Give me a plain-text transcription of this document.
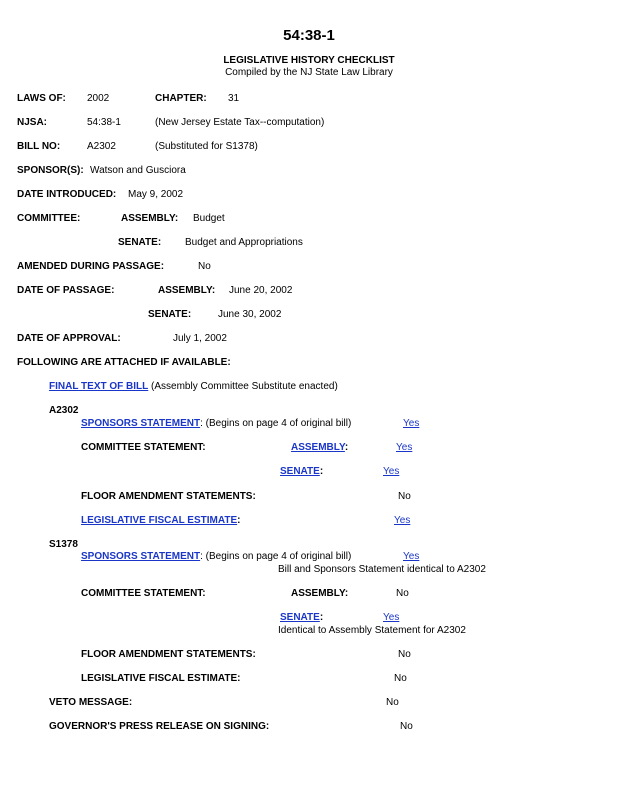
54:38-1
LEGISLATIVE HISTORY CHECKLIST
Compiled by the NJ State Law Library
LAWS OF: 2002	CHAPTER: 31
NJSA:	54:38-1	(New Jersey Estate Tax--computation)
BILL NO:	A2302	(Substituted for S1378)
SPONSOR(S): Watson and Gusciora
DATE INTRODUCED: May 9, 2002
COMMITTEE:	ASSEMBLY: Budget
SENATE: Budget and Appropriations
AMENDED DURING PASSAGE:	No
DATE OF PASSAGE:	ASSEMBLY: June 20, 2002
SENATE:	June 30, 2002
DATE OF APPROVAL:	July 1, 2002
FOLLOWING ARE ATTACHED IF AVAILABLE:
FINAL TEXT OF BILL (Assembly Committee Substitute enacted)
A2302
SPONSORS STATEMENT: (Begins on page 4 of original bill)	Yes
COMMITTEE STATEMENT:	ASSEMBLY:	Yes
SENATE:	Yes
FLOOR AMENDMENT STATEMENTS:	No
LEGISLATIVE FISCAL ESTIMATE:	Yes
S1378
SPONSORS STATEMENT: (Begins on page 4 of original bill)	Yes
Bill and Sponsors Statement identical to A2302
COMMITTEE STATEMENT:	ASSEMBLY:	No
SENATE:	Yes
Identical to Assembly Statement for A2302
FLOOR AMENDMENT STATEMENTS:	No
LEGISLATIVE FISCAL ESTIMATE:	No
VETO MESSAGE:	No
GOVERNOR'S PRESS RELEASE ON SIGNING:	No
